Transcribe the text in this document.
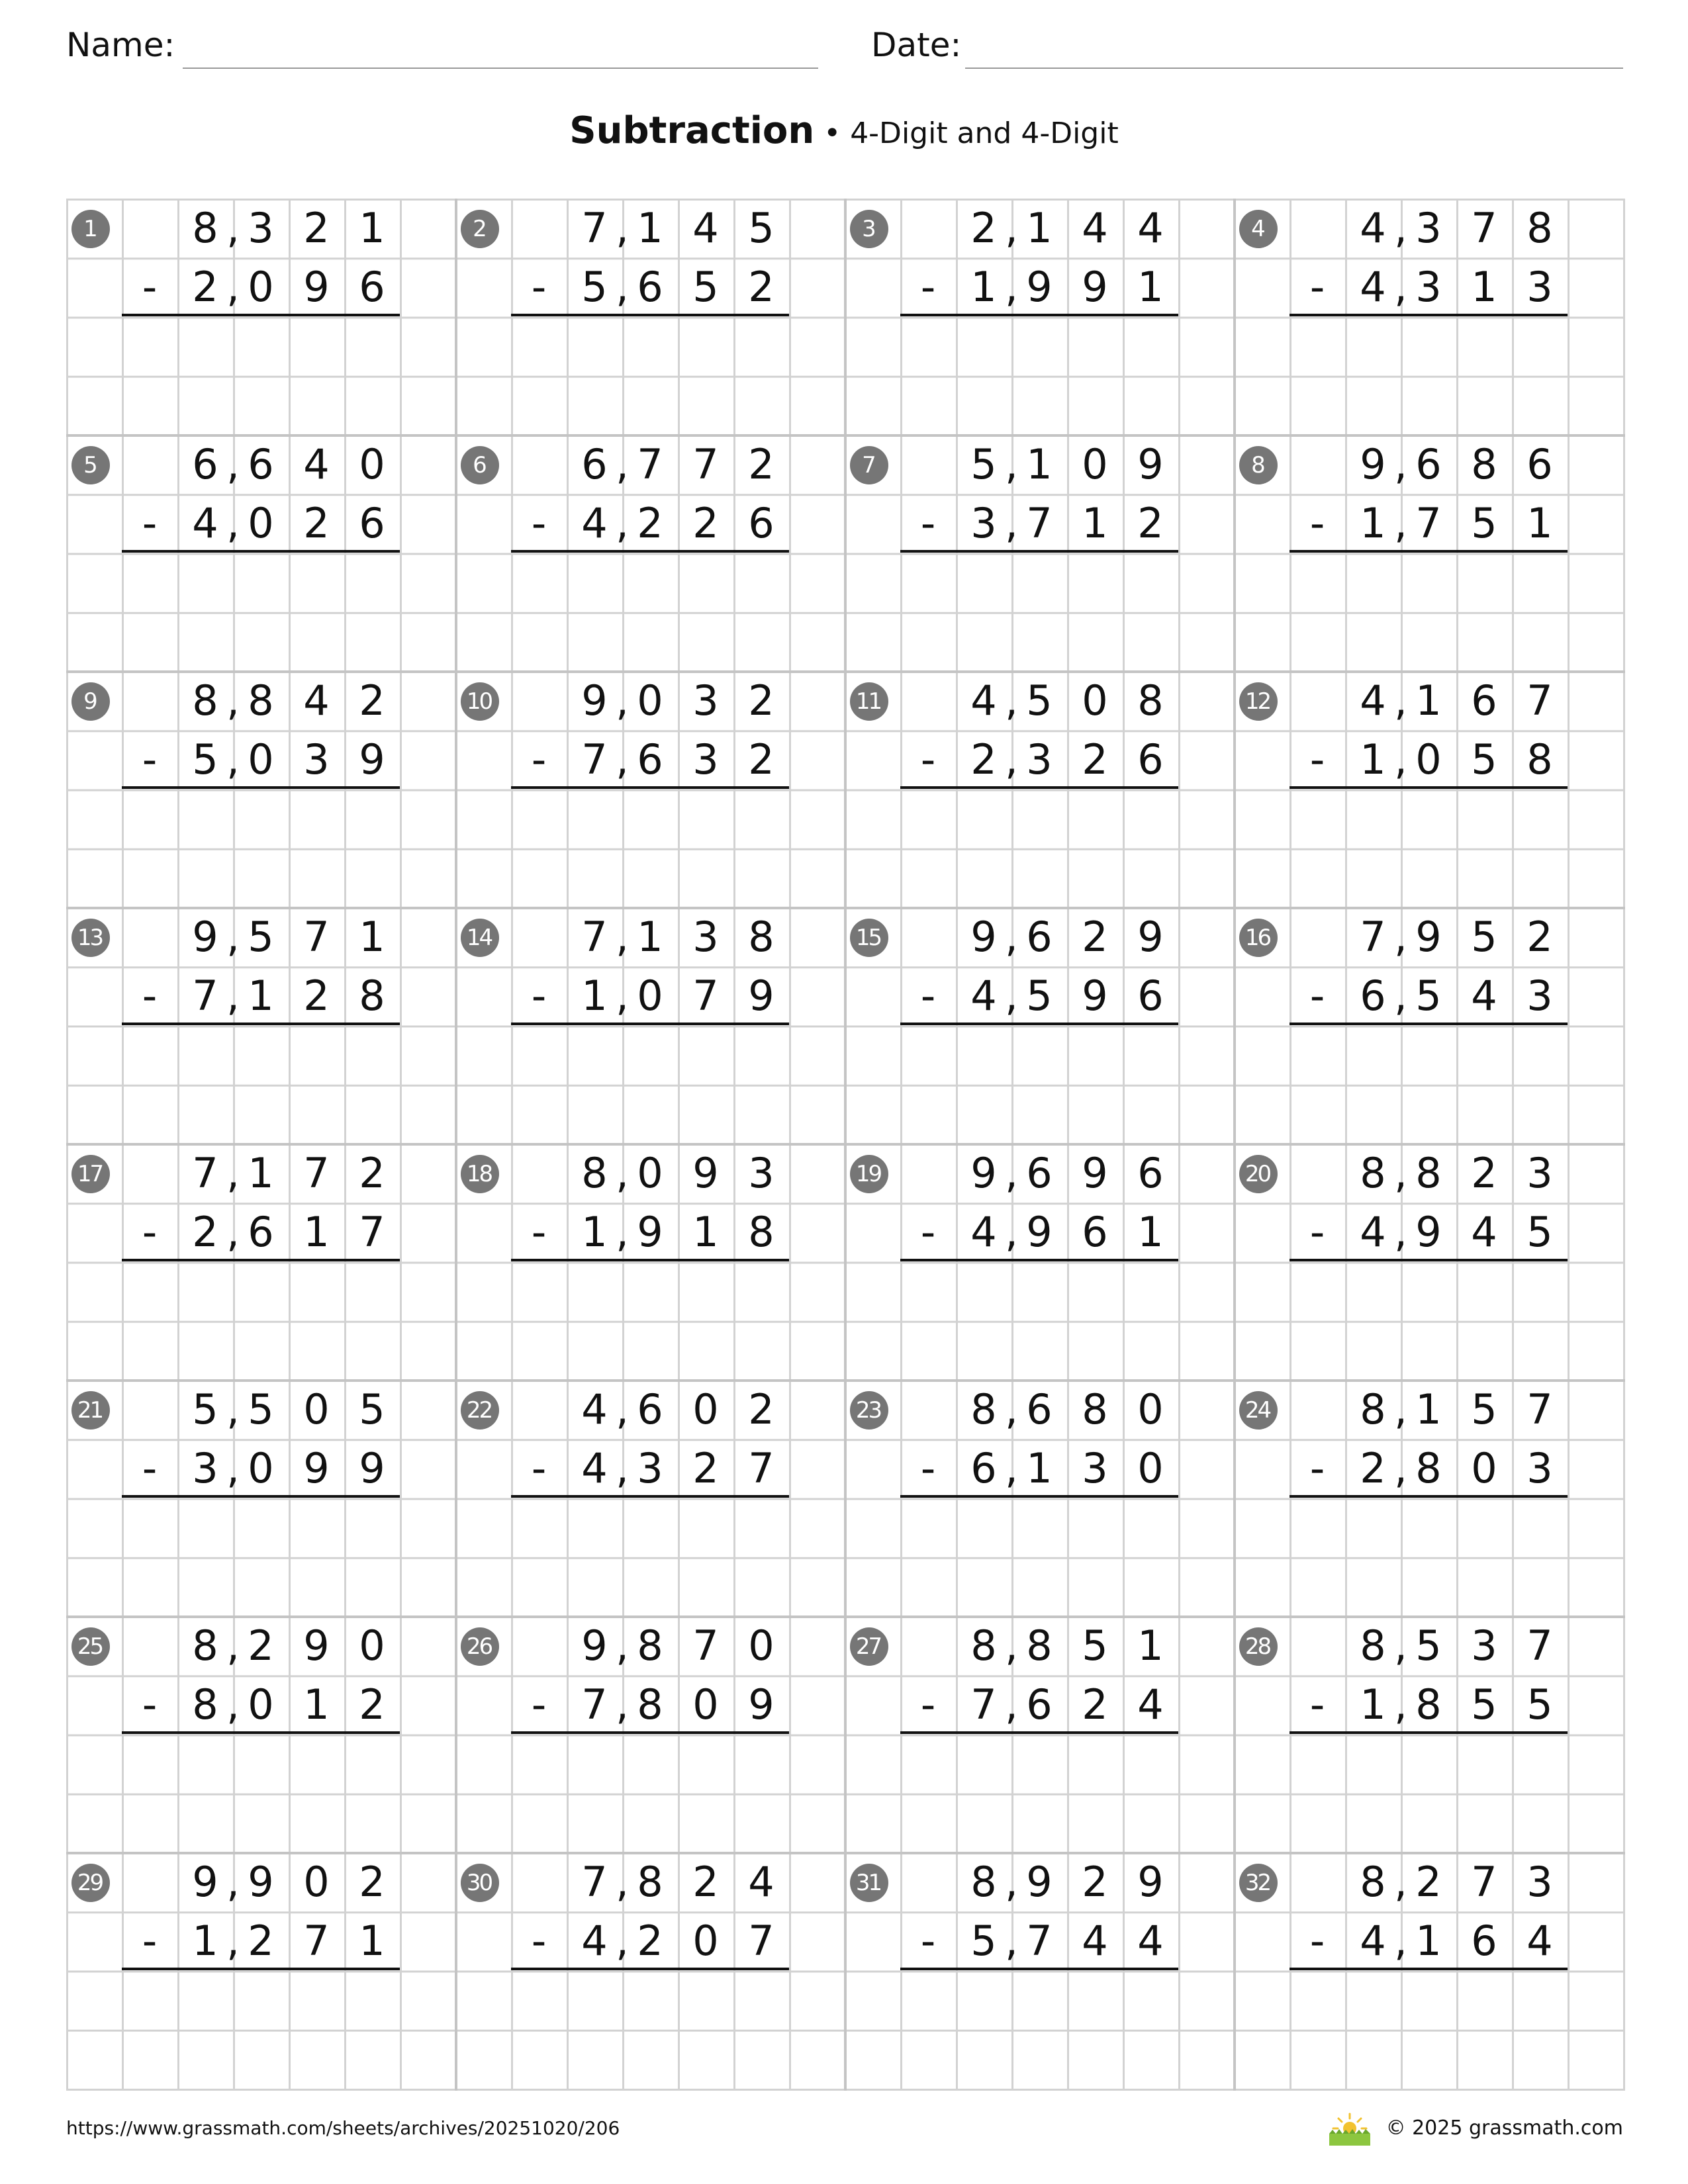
Name:	Date:
Subtraction • 4-Digit and 4-Digit
1	8 3 2 1
,
2 0 9 6
,
-
2	7 1 4 5
,
5 6 5 2
,
-
3	2 1 4 4
,
1 9 9 1
,
-
4	4 3 7 8
,
4 3 1 3
,
-
5	6 6 4 0
,
4 0 2 6
,
-
6	6 7 7 2
,
4 2 2 6
,
-
7	5 1 0 9
,
3 7 1 2
,
-
8	9 6 8 6
,
1 7 5 1
,
-
9	8 8 4 2
,
5 0 3 9
,
-
10	9 0 3 2
,
7 6 3 2
,
-
11	4 5 0 8
,
2 3 2 6
,
-
12	4 1 6 7
,
1 0 5 8
,
-
13	9 5 7 1
,
7 1 2 8
,
-
14	7 1 3 8
,
1 0 7 9
,
-
15	9 6 2 9
,
4 5 9 6
,
-
16	7 9 5 2
,
6 5 4 3
,
-
17	7 1 7 2
,
2 6 1 7
,
-
18	8 0 9 3
,
1 9 1 8
,
-
19	9 6 9 6
,
4 9 6 1
,
-
20	8 8 2 3
,
4 9 4 5
,
-
21	5 5 0 5
,
3 0 9 9
,
-
22	4 6 0 2
,
4 3 2 7
,
-
23	8 6 8 0
,
6 1 3 0
,
-
24	8 1 5 7
,
2 8 0 3
,
-
25	8 2 9 0
,
8 0 1 2
,
-
26	9 8 7 0
,
7 8 0 9
,
-
27	8 8 5 1
,
7 6 2 4
,
-
28	8 5 3 7
,
1 8 5 5
,
-
29	9 9 0 2
,
1 2 7 1
,
-
30	7 8 2 4
,
4 2 0 7
,
-
31	8 9 2 9
,
5 7 4 4
,
-
32	8 2 7 3
,
4 1 6 4
,
-
https://www.grassmath.com/sheets/archives/20251020/206	© 2025 grassmath.com
